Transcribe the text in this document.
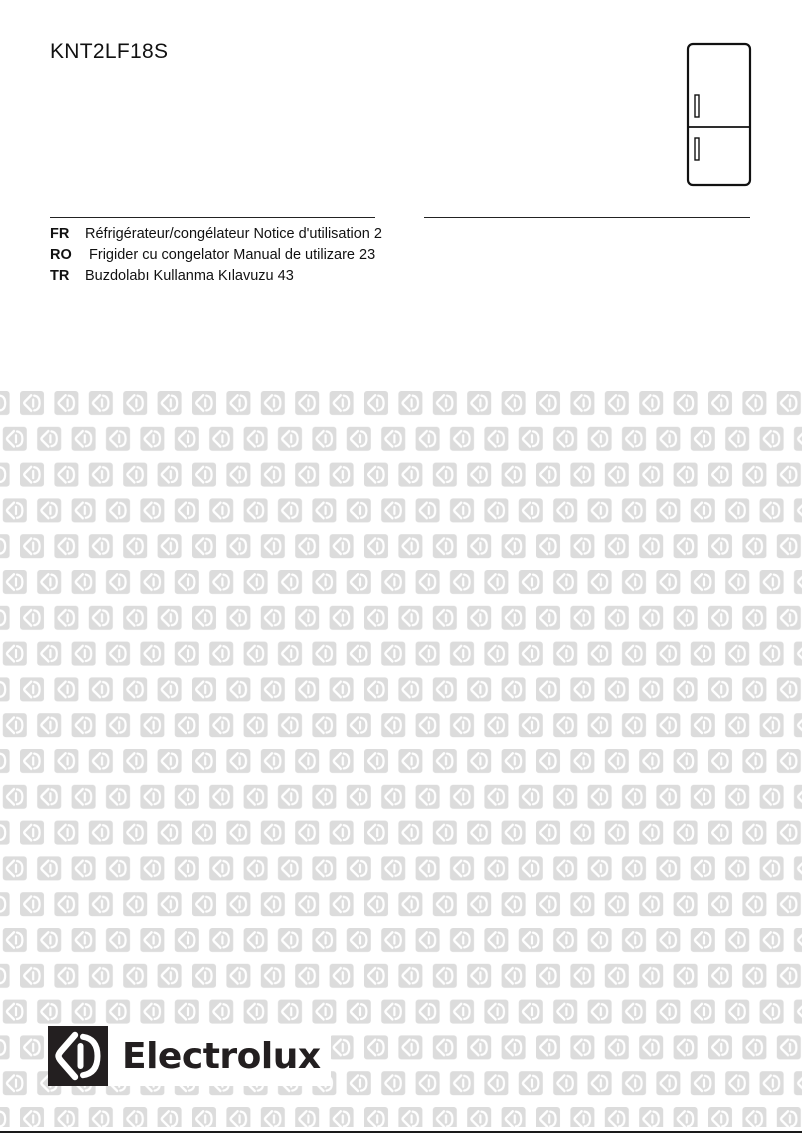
KNT2LF18S
FR Réfrigérateur/congélateur Notice d'utilisation 2
RO Frigider cu congelator Manual de utilizare 23
TR Buzdolabı Kullanma Kılavuzu 43
Electrolux
